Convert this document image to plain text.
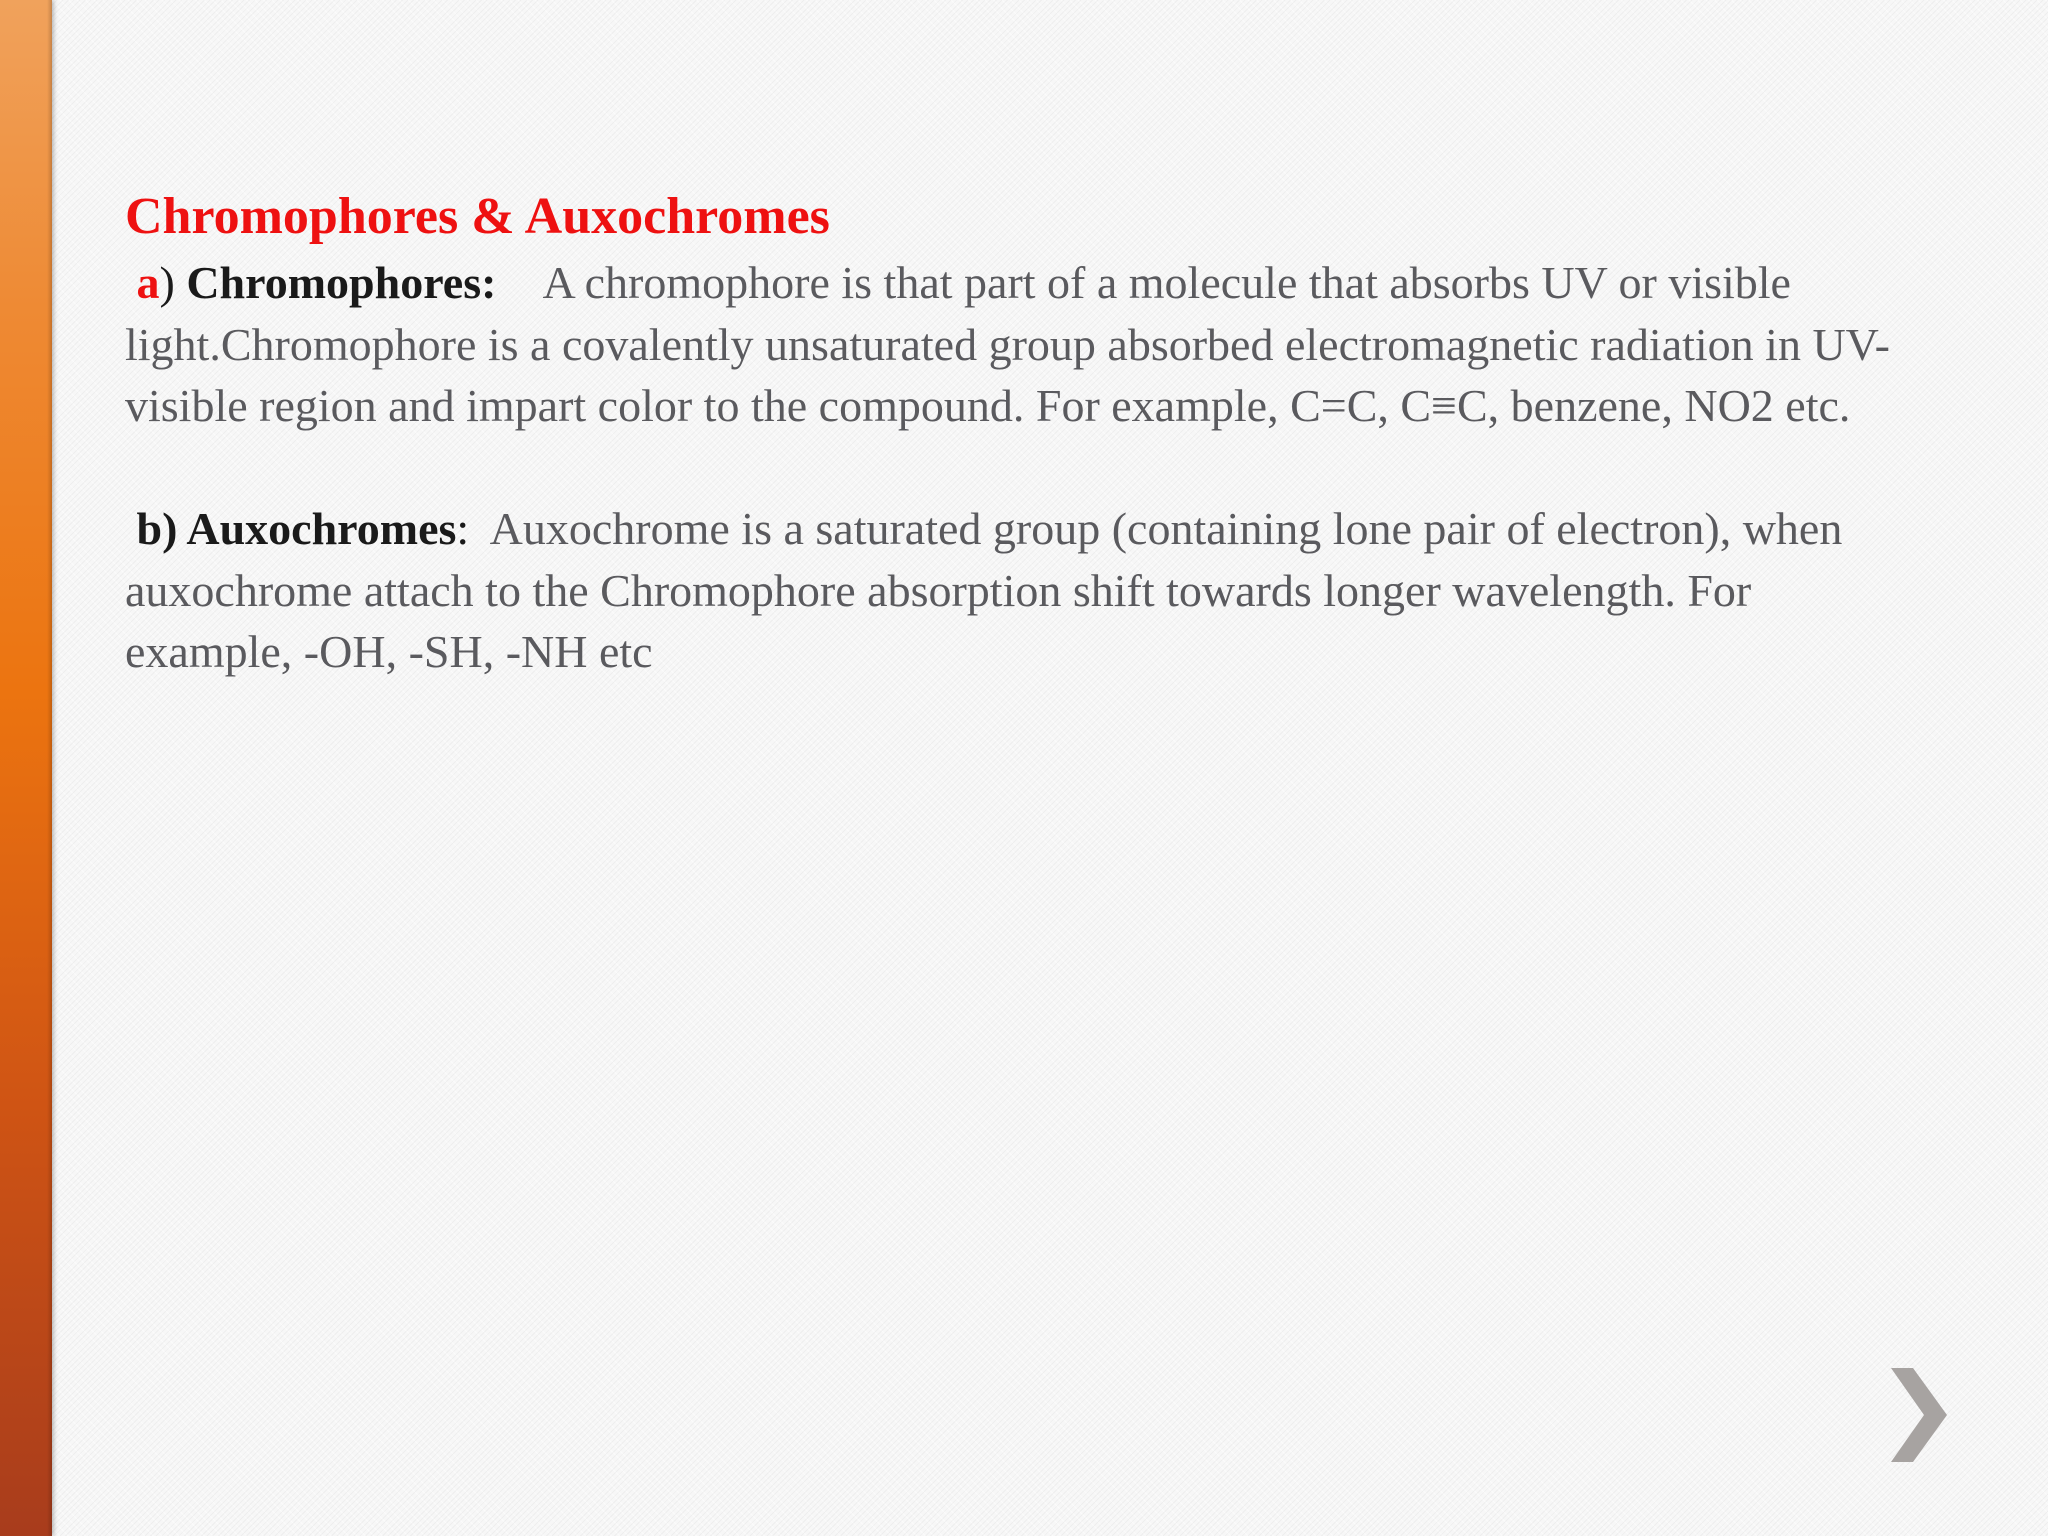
Chromophores & Auxochromes

a) Chromophores: A chromophore is that part of a molecule that absorbs UV or visible light.Chromophore is a covalently unsaturated group absorbed electromagnetic radiation in UV-visible region and impart color to the compound. For example, C=C, C≡C, benzene, NO2 etc.

b) Auxochromes: Auxochrome is a saturated group (containing lone pair of electron), when auxochrome attach to the Chromophore absorption shift towards longer wavelength. For example, -OH, -SH, -NH etc
